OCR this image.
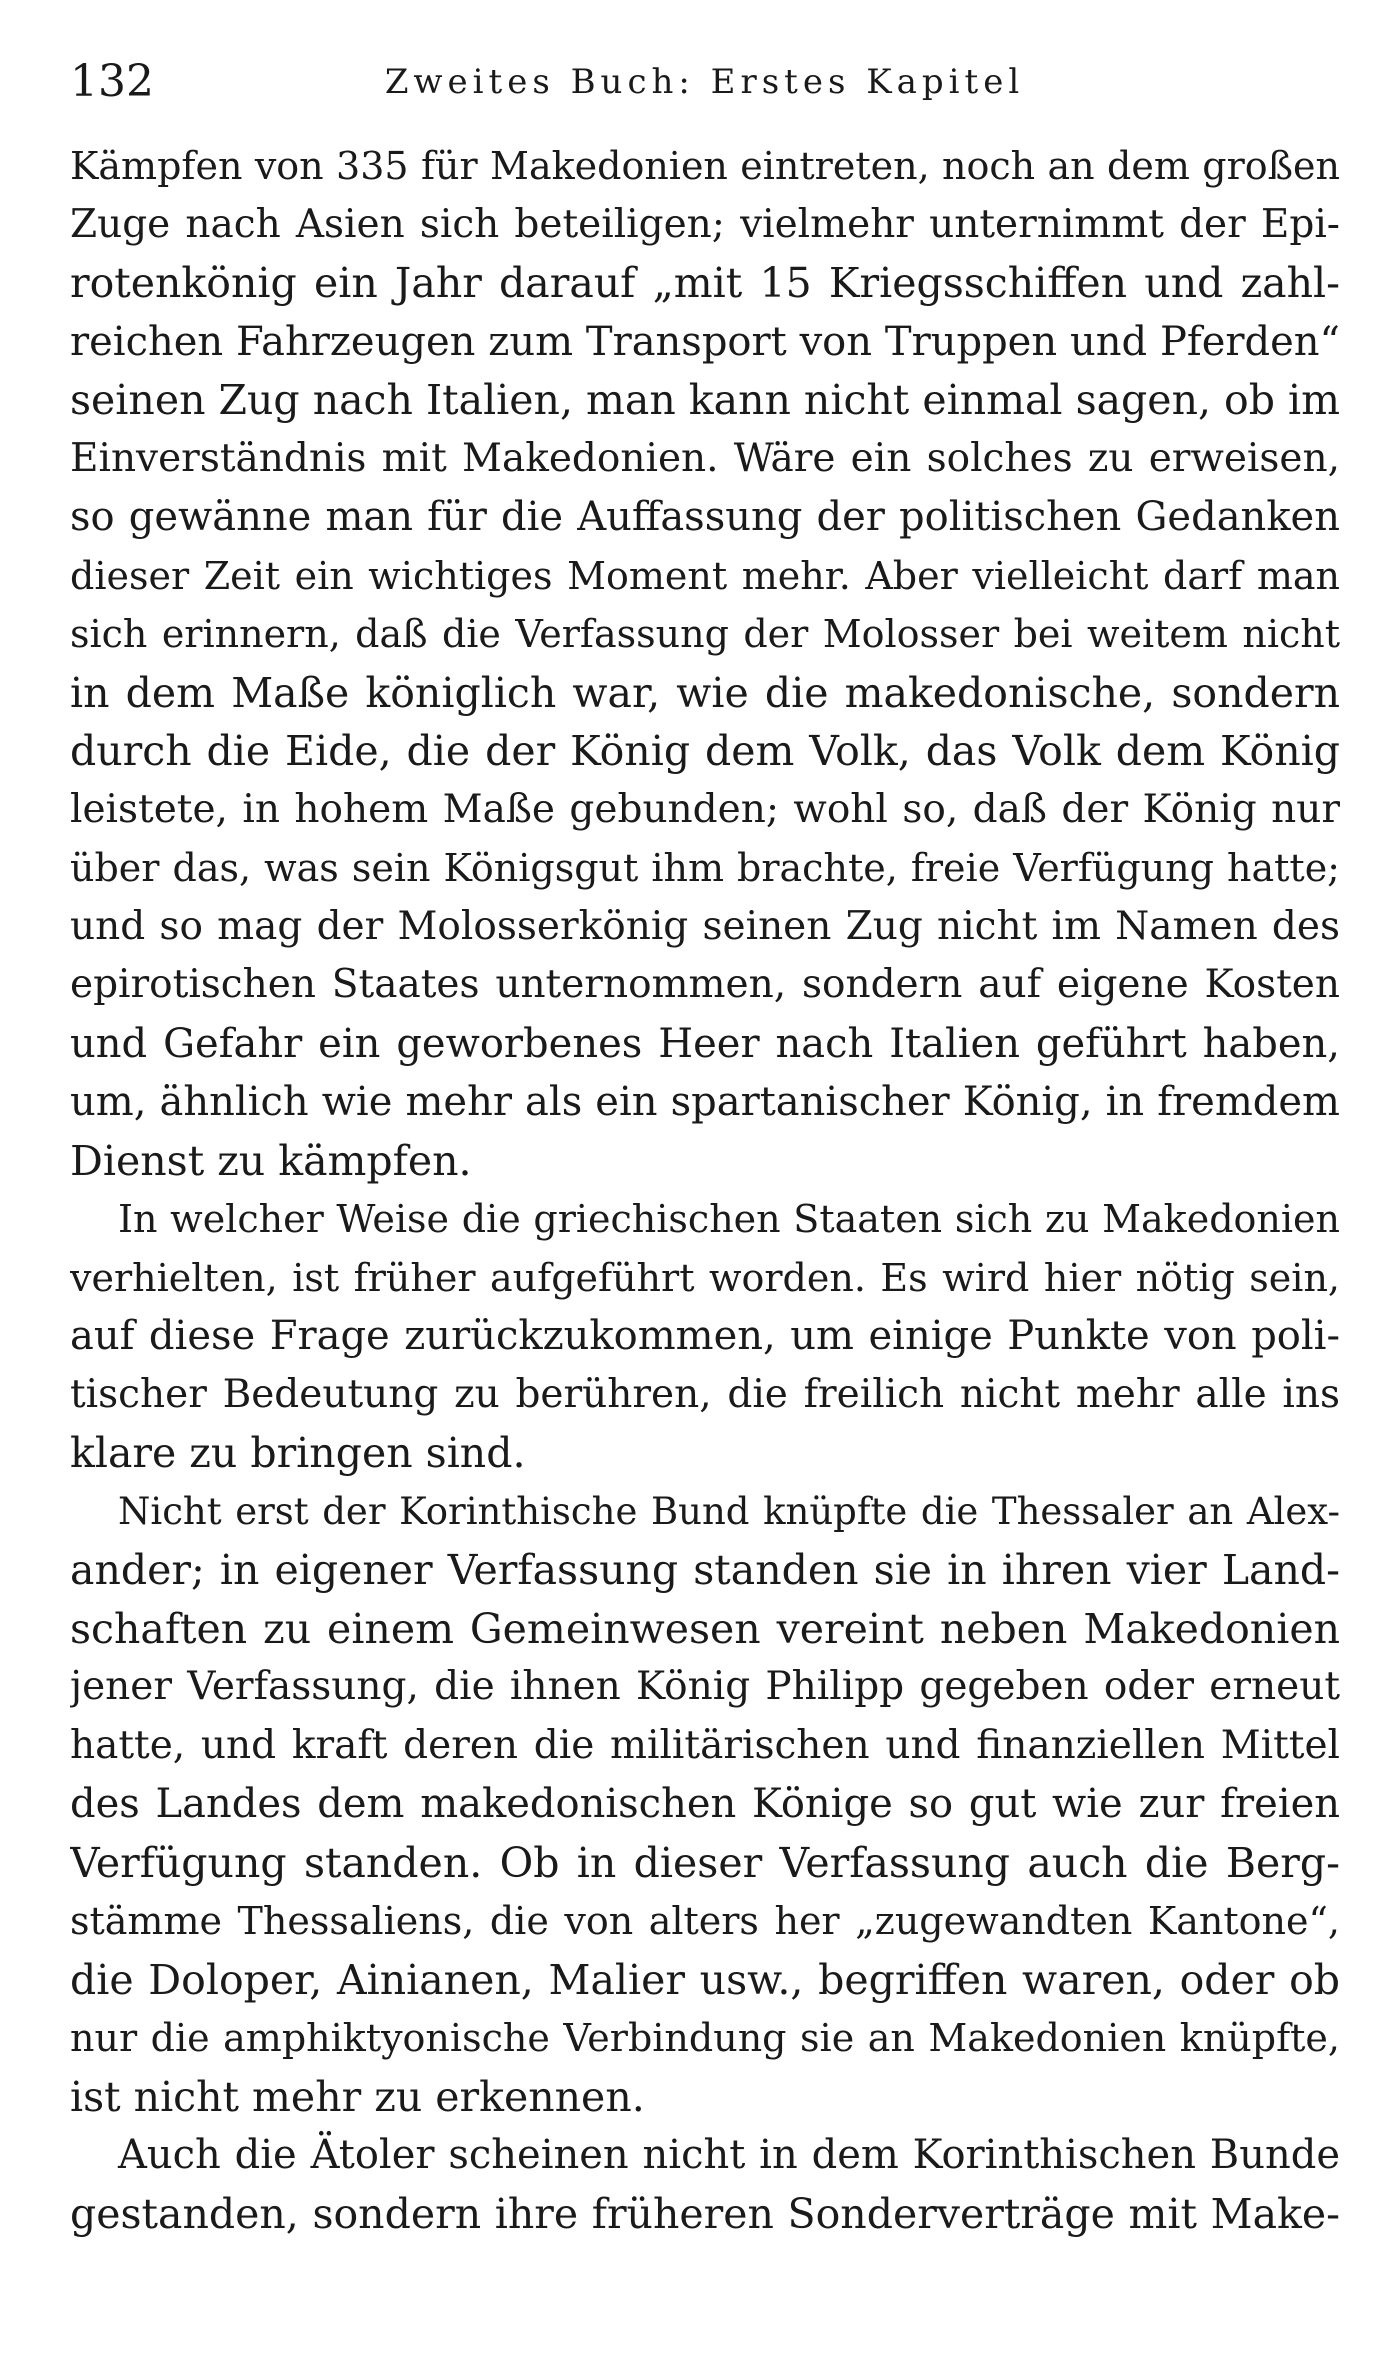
132	Zweites Buch: Erstes Kapitel
Kämpfen von 335 für Makedonien eintreten, noch an dem großen
Zuge nach Asien sich beteiligen; vielmehr unternimmt der Epi-
rotenkönig ein Jahr darauf „mit 15 Kriegsschiffen und zahl-
reichen Fahrzeugen zum Transport von Truppen und Pferden“
seinen Zug nach Italien, man kann nicht einmal sagen, ob im
Einverständnis mit Makedonien. Wäre ein solches zu erweisen,
so gewänne man für die Auffassung der politischen Gedanken
dieser Zeit ein wichtiges Moment mehr. Aber vielleicht darf man
sich erinnern, daß die Verfassung der Molosser bei weitem nicht
in dem Maße königlich war, wie die makedonische, sondern
durch die Eide, die der König dem Volk, das Volk dem König
leistete, in hohem Maße gebunden; wohl so, daß der König nur
über das, was sein Königsgut ihm brachte, freie Verfügung hatte;
und so mag der Molosserkönig seinen Zug nicht im Namen des
epirotischen Staates unternommen, sondern auf eigene Kosten
und Gefahr ein geworbenes Heer nach Italien geführt haben,
um, ähnlich wie mehr als ein spartanischer König, in fremdem
Dienst zu kämpfen.
In welcher Weise die griechischen Staaten sich zu Makedonien
verhielten, ist früher aufgeführt worden. Es wird hier nötig sein,
auf diese Frage zurückzukommen, um einige Punkte von poli-
tischer Bedeutung zu berühren, die freilich nicht mehr alle ins
klare zu bringen sind.
Nicht erst der Korinthische Bund knüpfte die Thessaler an Alex-
ander; in eigener Verfassung standen sie in ihren vier Land-
schaften zu einem Gemeinwesen vereint neben Makedonien
jener Verfassung, die ihnen König Philipp gegeben oder erneut
hatte, und kraft deren die militärischen und finanziellen Mittel
des Landes dem makedonischen Könige so gut wie zur freien
Verfügung standen. Ob in dieser Verfassung auch die Berg-
stämme Thessaliens, die von alters her „zugewandten Kantone“,
die Doloper, Ainianen, Malier usw., begriffen waren, oder ob
nur die amphiktyonische Verbindung sie an Makedonien knüpfte,
ist nicht mehr zu erkennen.
Auch die Ätoler scheinen nicht in dem Korinthischen Bunde
gestanden, sondern ihre früheren Sonderverträge mit Make-
